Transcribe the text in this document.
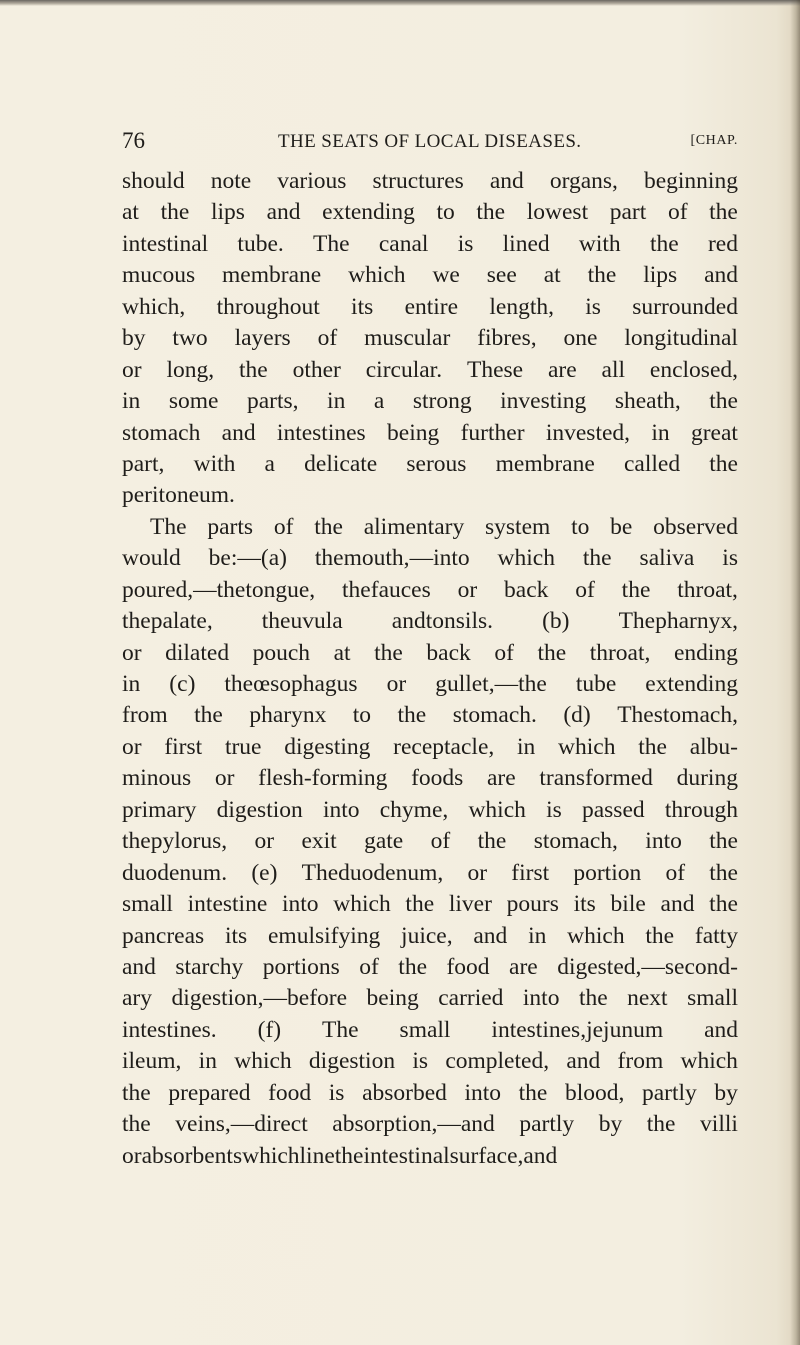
76	THE SEATS OF LOCAL DISEASES.	[CHAP.
should note various structures and organs, beginning
at the lips and extending to the lowest part of the
intestinal tube. The canal is lined with the red
mucous membrane which we see at the lips and
which, throughout its entire length, is surrounded
by two layers of muscular fibres, one longitudinal
or long, the other circular. These are all enclosed,
in some parts, in a strong investing sheath, the
stomach and intestines being further invested, in great
part, with a delicate serous membrane called the
peritoneum.
The parts of the alimentary system to be observed
would be:—(a) themouth,—into which the saliva is
poured,—thetongue, thefauces or back of the throat,
thepalate, theuvula andtonsils. (b) Thepharnyx,
or dilated pouch at the back of the throat, ending
in (c) theœsophagus or gullet,—the tube extending
from the pharynx to the stomach. (d) Thestomach,
or first true digesting receptacle, in which the albu-
minous or flesh-forming foods are transformed during
primary digestion into chyme, which is passed through
thepylorus, or exit gate of the stomach, into the
duodenum. (e) Theduodenum, or first portion of the
small intestine into which the liver pours its bile and the
pancreas its emulsifying juice, and in which the fatty
and starchy portions of the food are digested,—second-
ary digestion,—before being carried into the next small
intestines. (f) The small intestines,jejunum and
ileum, in which digestion is completed, and from which
the prepared food is absorbed into the blood, partly by
the veins,—direct absorption,—and partly by the villi
or absorbents which line the intestinal surface, and
